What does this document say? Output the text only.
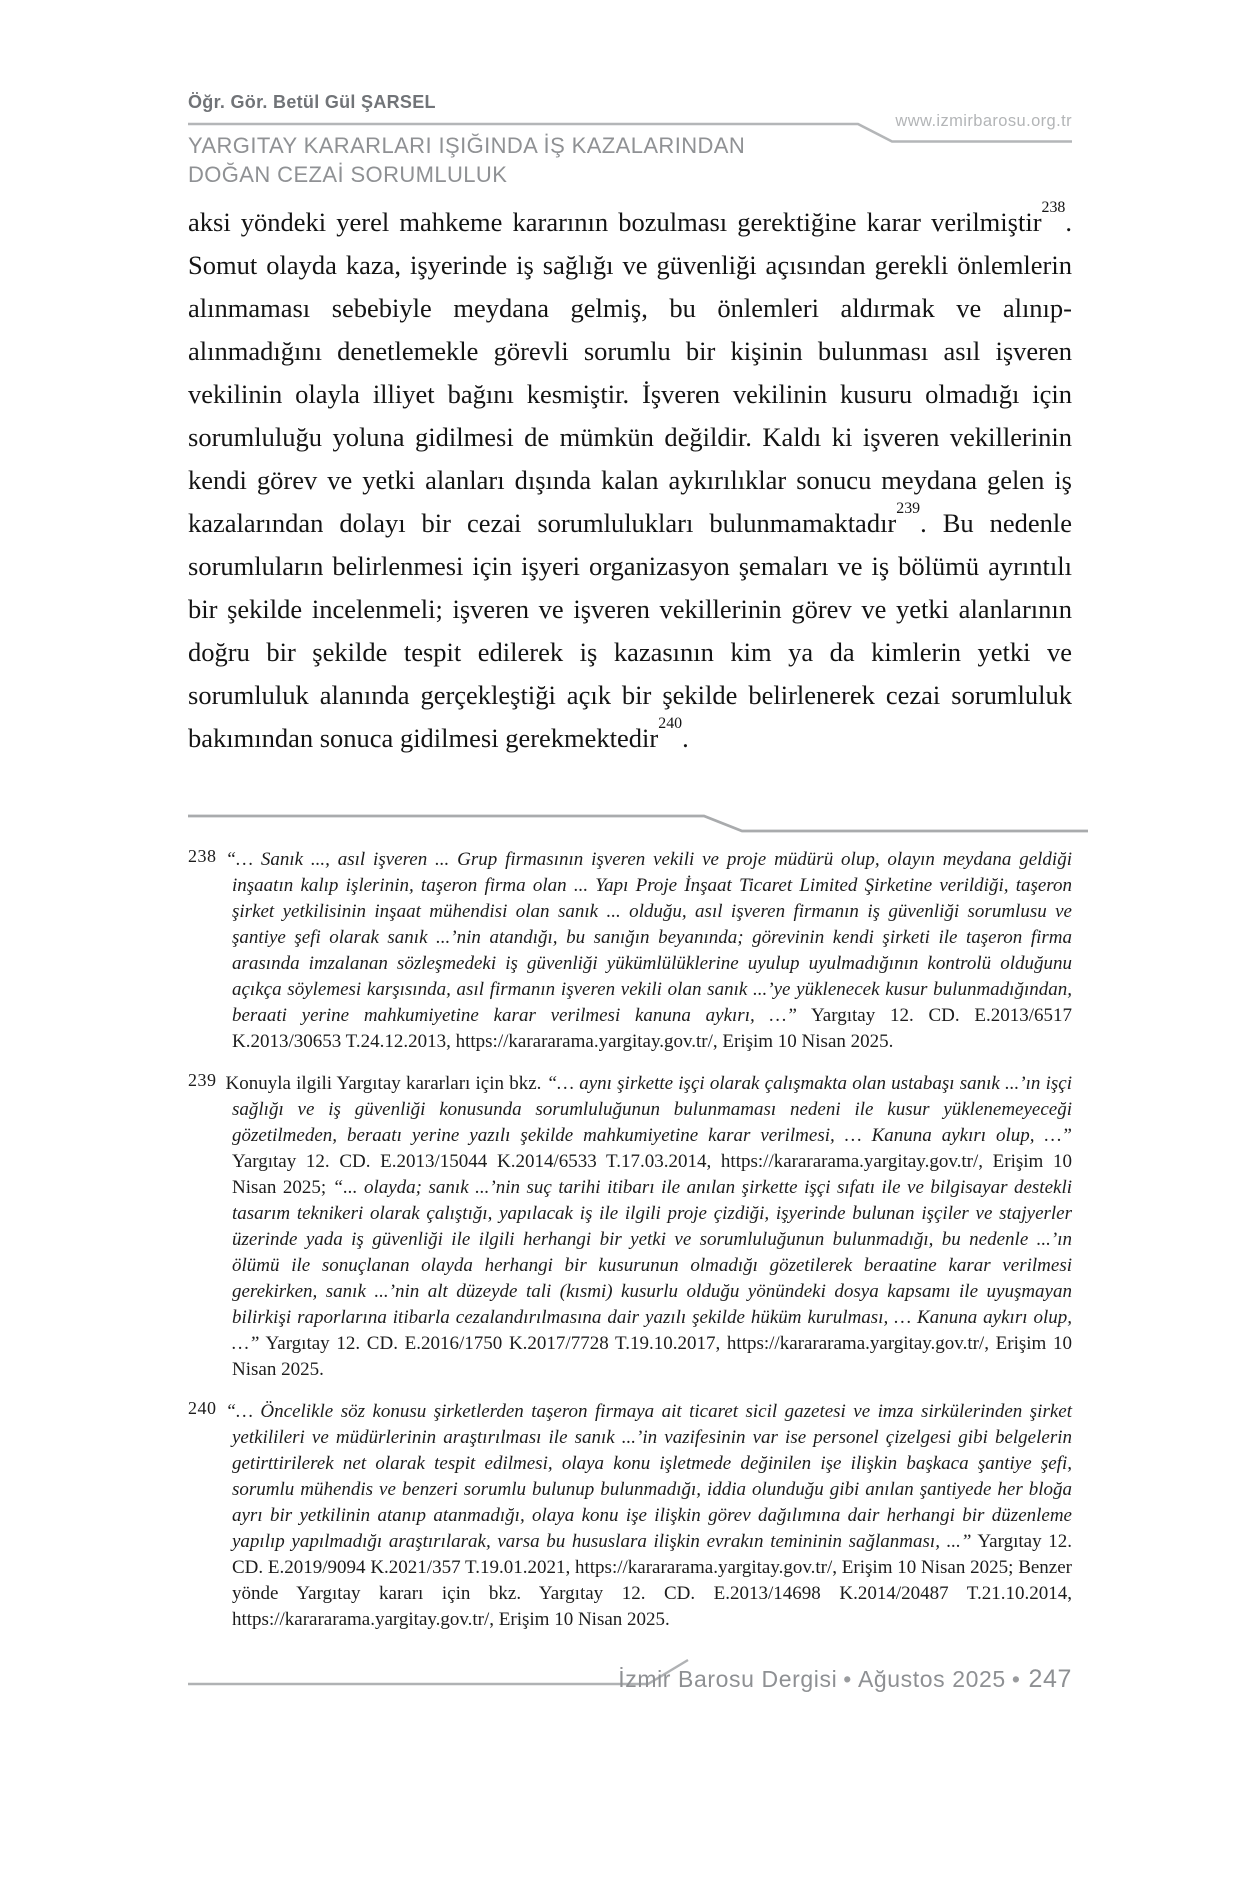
Öğr. Gör. Betül Gül ŞARSEL
www.izmirbarosu.org.tr
YARGITAY KARARLARI IŞIĞINDA İŞ KAZALARINDAN
DOĞAN CEZAİ SORUMLULUK
aksi yöndeki yerel mahkeme kararının bozulması gerektiğine karar verilmiştir$^{238}$. Somut olayda kaza, işyerinde iş sağlığı ve güvenliği açısından gerekli önlemlerin alınmaması sebebiyle meydana gelmiş, bu önlemleri aldırmak ve alınıp-alınmadığını denetlemekle görevli sorumlu bir kişinin bulunması asıl işveren vekilinin olayla illiyet bağını kesmiştir. İşveren vekilinin kusuru olmadığı için sorumluluğu yoluna gidilmesi de mümkün değildir. Kaldı ki işveren vekillerinin kendi görev ve yetki alanları dışında kalan aykırılıklar sonucu meydana gelen iş kazalarından dolayı bir cezai sorumlulukları bulunmamaktadır$^{239}$. Bu nedenle sorumluların belirlenmesi için işyeri organizasyon şemaları ve iş bölümü ayrıntılı bir şekilde incelenmeli; işveren ve işveren vekillerinin görev ve yetki alanlarının doğru bir şekilde tespit edilerek iş kazasının kim ya da kimlerin yetki ve sorumluluk alanında gerçekleştiği açık bir şekilde belirlenerek cezai sorumluluk bakımından sonuca gidilmesi gerekmektedir$^{240}$.
238 “… Sanık ..., asıl işveren ... Grup firmasının işveren vekili ve proje müdürü olup, olayın meydana geldiği inşaatın kalıp işlerinin, taşeron firma olan ... Yapı Proje İnşaat Ticaret Limited Şirketine verildiği, taşeron şirket yetkilisinin inşaat mühendisi olan sanık ... olduğu, asıl işveren firmanın iş güvenliği sorumlusu ve şantiye şefi olarak sanık ...’nin atandığı, bu sanığın beyanında; görevinin kendi şirketi ile taşeron firma arasında imzalanan sözleşmedeki iş güvenliği yükümlülüklerine uyulup uyulmadığının kontrolü olduğunu açıkça söylemesi karşısında, asıl firmanın işveren vekili olan sanık ...’ye yüklenecek kusur bulunmadığından, beraati yerine mahkumiyetine karar verilmesi kanuna aykırı, …” Yargıtay 12. CD. E.2013/6517 K.2013/30653 T.24.12.2013, https://karararama.yargitay.gov.tr/, Erişim 10 Nisan 2025.
239 Konuyla ilgili Yargıtay kararları için bkz. “… aynı şirkette işçi olarak çalışmakta olan ustabaşı sanık ...’ın işçi sağlığı ve iş güvenliği konusunda sorumluluğunun bulunmaması nedeni ile kusur yüklenemeyeceği gözetilmeden, beraatı yerine yazılı şekilde mahkumiyetine karar verilmesi, … Kanuna aykırı olup, …” Yargıtay 12. CD. E.2013/15044 K.2014/6533 T.17.03.2014, https://karararama.yargitay.gov.tr/, Erişim 10 Nisan 2025; “... olayda; sanık ...’nin suç tarihi itibarı ile anılan şirkette işçi sıfatı ile ve bilgisayar destekli tasarım teknikeri olarak çalıştığı, yapılacak iş ile ilgili proje çizdiği, işyerinde bulunan işçiler ve stajyerler üzerinde yada iş güvenliği ile ilgili herhangi bir yetki ve sorumluluğunun bulunmadığı, bu nedenle ...’ın ölümü ile sonuçlanan olayda herhangi bir kusurunun olmadığı gözetilerek beraatine karar verilmesi gerekirken, sanık ...’nin alt düzeyde tali (kısmi) kusurlu olduğu yönündeki dosya kapsamı ile uyuşmayan bilirkişi raporlarına itibarla cezalandırılmasına dair yazılı şekilde hüküm kurulması, … Kanuna aykırı olup, …” Yargıtay 12. CD. E.2016/1750 K.2017/7728 T.19.10.2017, https://karararama.yargitay.gov.tr/, Erişim 10 Nisan 2025.
240 “… Öncelikle söz konusu şirketlerden taşeron firmaya ait ticaret sicil gazetesi ve imza sirkülerinden şirket yetkilileri ve müdürlerinin araştırılması ile sanık ...’in vazifesinin var ise personel çizelgesi gibi belgelerin getirttirilerek net olarak tespit edilmesi, olaya konu işletmede değinilen işe ilişkin başkaca şantiye şefi, sorumlu mühendis ve benzeri sorumlu bulunup bulunmadığı, iddia olunduğu gibi anılan şantiyede her bloğa ayrı bir yetkilinin atanıp atanmadığı, olaya konu işe ilişkin görev dağılımına dair herhangi bir düzenleme yapılıp yapılmadığı araştırılarak, varsa bu hususlara ilişkin evrakın temininin sağlanması, ...” Yargıtay 12. CD. E.2019/9094 K.2021/357 T.19.01.2021, https://karararama.yargitay.gov.tr/, Erişim 10 Nisan 2025; Benzer yönde Yargıtay kararı için bkz. Yargıtay 12. CD. E.2013/14698 K.2014/20487 T.21.10.2014, https://karararama.yargitay.gov.tr/, Erişim 10 Nisan 2025.
İzmir Barosu Dergisi • Ağustos 2025 • 247
